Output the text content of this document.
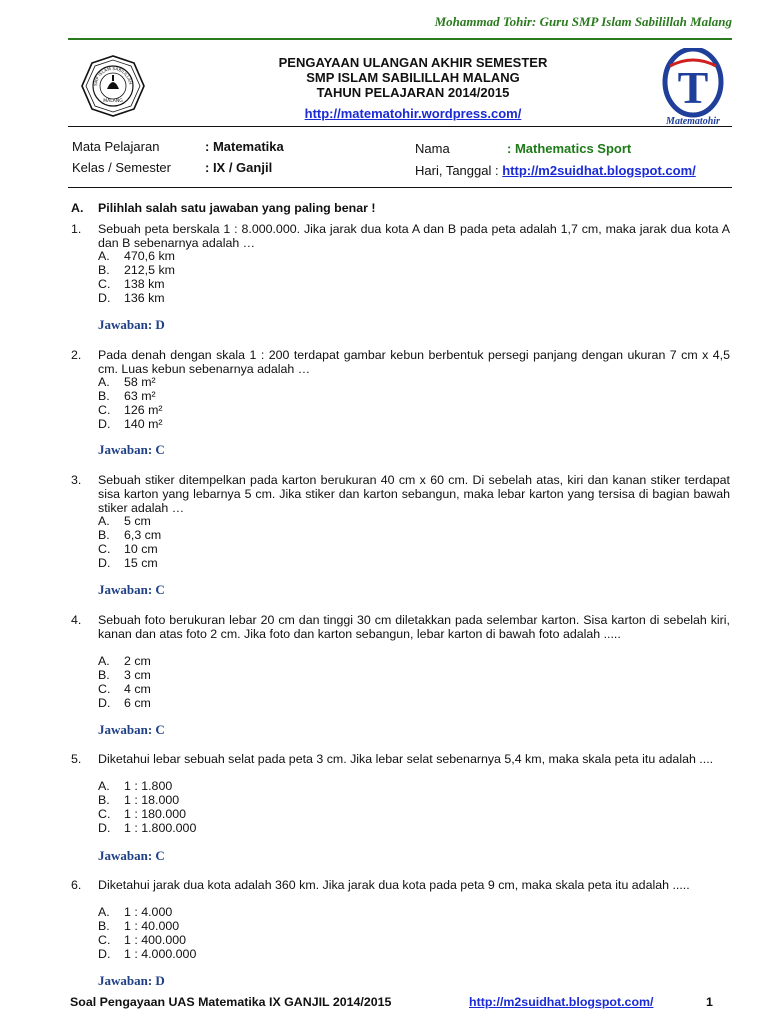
Mohammad Tohir: Guru SMP Islam Sabilillah Malang
SMP ISLAM SABILILLAH
MALANG
PENGAYAAN ULANGAN AKHIR SEMESTER
SMP ISLAM SABILILLAH MALANG
TAHUN PELAJARAN 2014/2015
http://matematohir.wordpress.com/
T
Matematohir
Mata Pelajaran	: Matematika
Kelas / Semester	: IX / Ganjil
Nama	: Mathematics Sport
Hari, Tanggal : http://m2suidhat.blogspot.com/
A. Pilihlah salah satu jawaban yang paling benar !
1. Sebuah peta berskala 1 : 8.000.000. Jika jarak dua kota A dan B pada peta adalah 1,7 cm, maka jarak dua kota A dan B sebenarnya adalah …
A. 470,6 km
B. 212,5 km
C. 138 km
D. 136 km
Jawaban: D
2. Pada denah dengan skala 1 : 200 terdapat gambar kebun berbentuk persegi panjang dengan ukuran 7 cm x 4,5 cm. Luas kebun sebenarnya adalah …
A. 58 m²
B. 63 m²
C. 126 m²
D. 140 m²
Jawaban: C
3. Sebuah stiker ditempelkan pada karton berukuran 40 cm x 60 cm. Di sebelah atas, kiri dan kanan stiker terdapat sisa karton yang lebarnya 5 cm. Jika stiker dan karton sebangun, maka lebar karton yang tersisa di bagian bawah stiker adalah …
A. 5 cm
B. 6,3 cm
C. 10 cm
D. 15 cm
Jawaban: C
4. Sebuah foto berukuran lebar 20 cm dan tinggi 30 cm diletakkan pada selembar karton. Sisa karton di sebelah kiri, kanan dan atas foto 2 cm. Jika foto dan karton sebangun, lebar karton di bawah foto adalah .....
A. 2 cm
B. 3 cm
C. 4 cm
D. 6 cm
Jawaban: C
5. Diketahui lebar sebuah selat pada peta 3 cm. Jika lebar selat sebenarnya 5,4 km, maka skala peta itu adalah ....
A. 1 : 1.800
B. 1 : 18.000
C. 1 : 180.000
D. 1 : 1.800.000
Jawaban: C
6. Diketahui jarak dua kota adalah 360 km. Jika jarak dua kota pada peta 9 cm, maka skala peta itu adalah .....
A. 1 : 4.000
B. 1 : 40.000
C. 1 : 400.000
D. 1 : 4.000.000
Jawaban: D
Soal Pengayaan UAS Matematika IX GANJIL 2014/2015	http://m2suidhat.blogspot.com/	1
